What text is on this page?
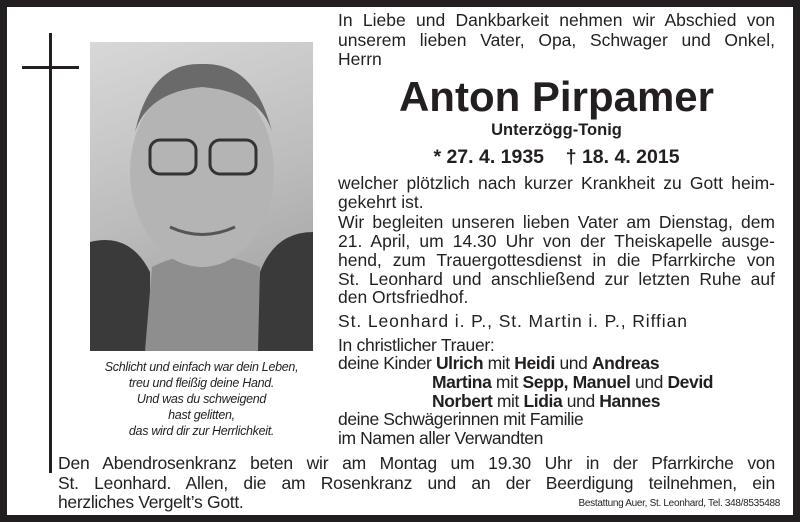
In Liebe und Dankbarkeit nehmen wir Abschied von
unserem lieben Vater, Opa, Schwager und Onkel,
Herrn
Anton Pirpamer
Unterzögg-Tonig
* 27. 4. 1935 † 18. 4. 2015
welcher plötzlich nach kurzer Krankheit zu Gott heim-
gekehrt ist.
Wir begleiten unseren lieben Vater am Dienstag, dem
21. April, um 14.30 Uhr von der Theiskapelle ausge-
hend, zum Trauergottesdienst in die Pfarrkirche von
St. Leonhard und anschließend zur letzten Ruhe auf
den Ortsfriedhof.
St. Leonhard i. P., St. Martin i. P., Riffian
In christlicher Trauer:
deine Kinder Ulrich mit Heidi und Andreas
Martina mit Sepp, Manuel und Devid
Norbert mit Lidia und Hannes
deine Schwägerinnen mit Familie
im Namen aller Verwandten
Schlicht und einfach war dein Leben,
treu und fleißig deine Hand.
Und was du schweigend
hast gelitten,
das wird dir zur Herrlichkeit.
Den Abendrosenkranz beten wir am Montag um 19.30 Uhr in der Pfarrkirche von
St. Leonhard. Allen, die am Rosenkranz und an der Beerdigung teilnehmen, ein
herzliches Vergelt’s Gott.	Bestattung Auer, St. Leonhard, Tel. 348/8535488
